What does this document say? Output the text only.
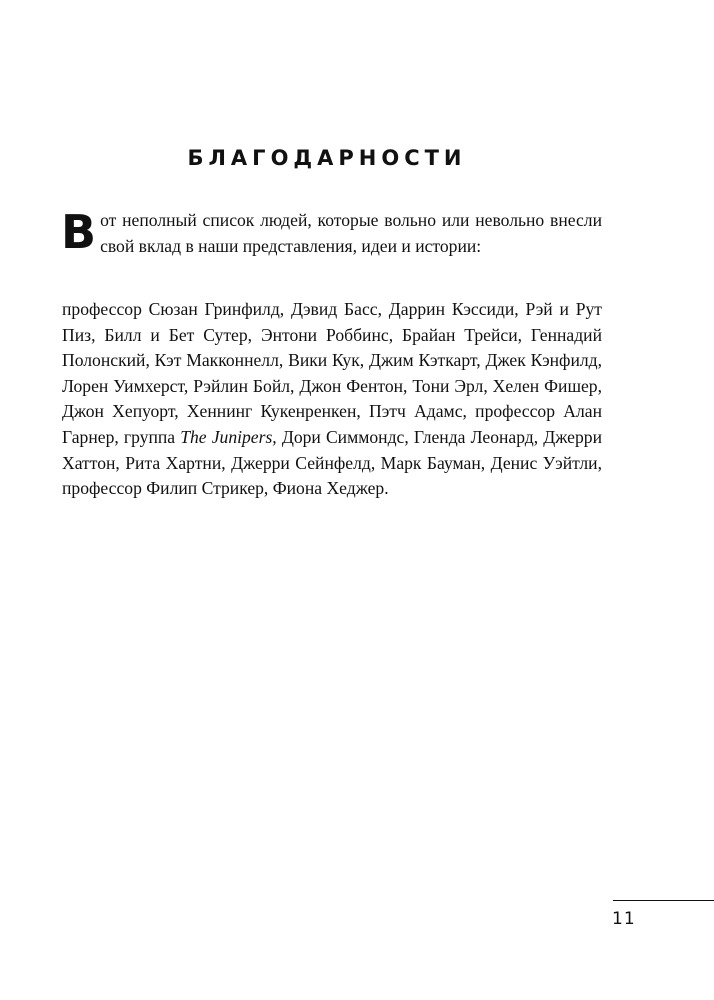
БЛАГОДАРНОСТИ

Вот неполный список людей, которые вольно или невольно внесли свой вклад в наши представления, идеи и истории:

профессор Сюзан Гринфилд, Дэвид Басс, Даррин Кэссиди, Рэй и Рут Пиз, Билл и Бет Сутер, Энтони Роббинс, Брайан Трейси, Геннадий Полонский, Кэт Макконнелл, Вики Кук, Джим Кэткарт, Джек Кэнфилд, Лорен Уимхерст, Рэйлин Бойл, Джон Фентон, Тони Эрл, Хелен Фишер, Джон Хепуорт, Хеннинг Кукенренкен, Пэтч Адамс, профессор Алан Гарнер, группа The Junipers, Дори Симмондс, Гленда Леонард, Джерри Хаттон, Рита Хартни, Джерри Сейнфелд, Марк Бауман, Денис Уэйтли, профессор Филип Стрикер, Фиона Хеджер.

11
